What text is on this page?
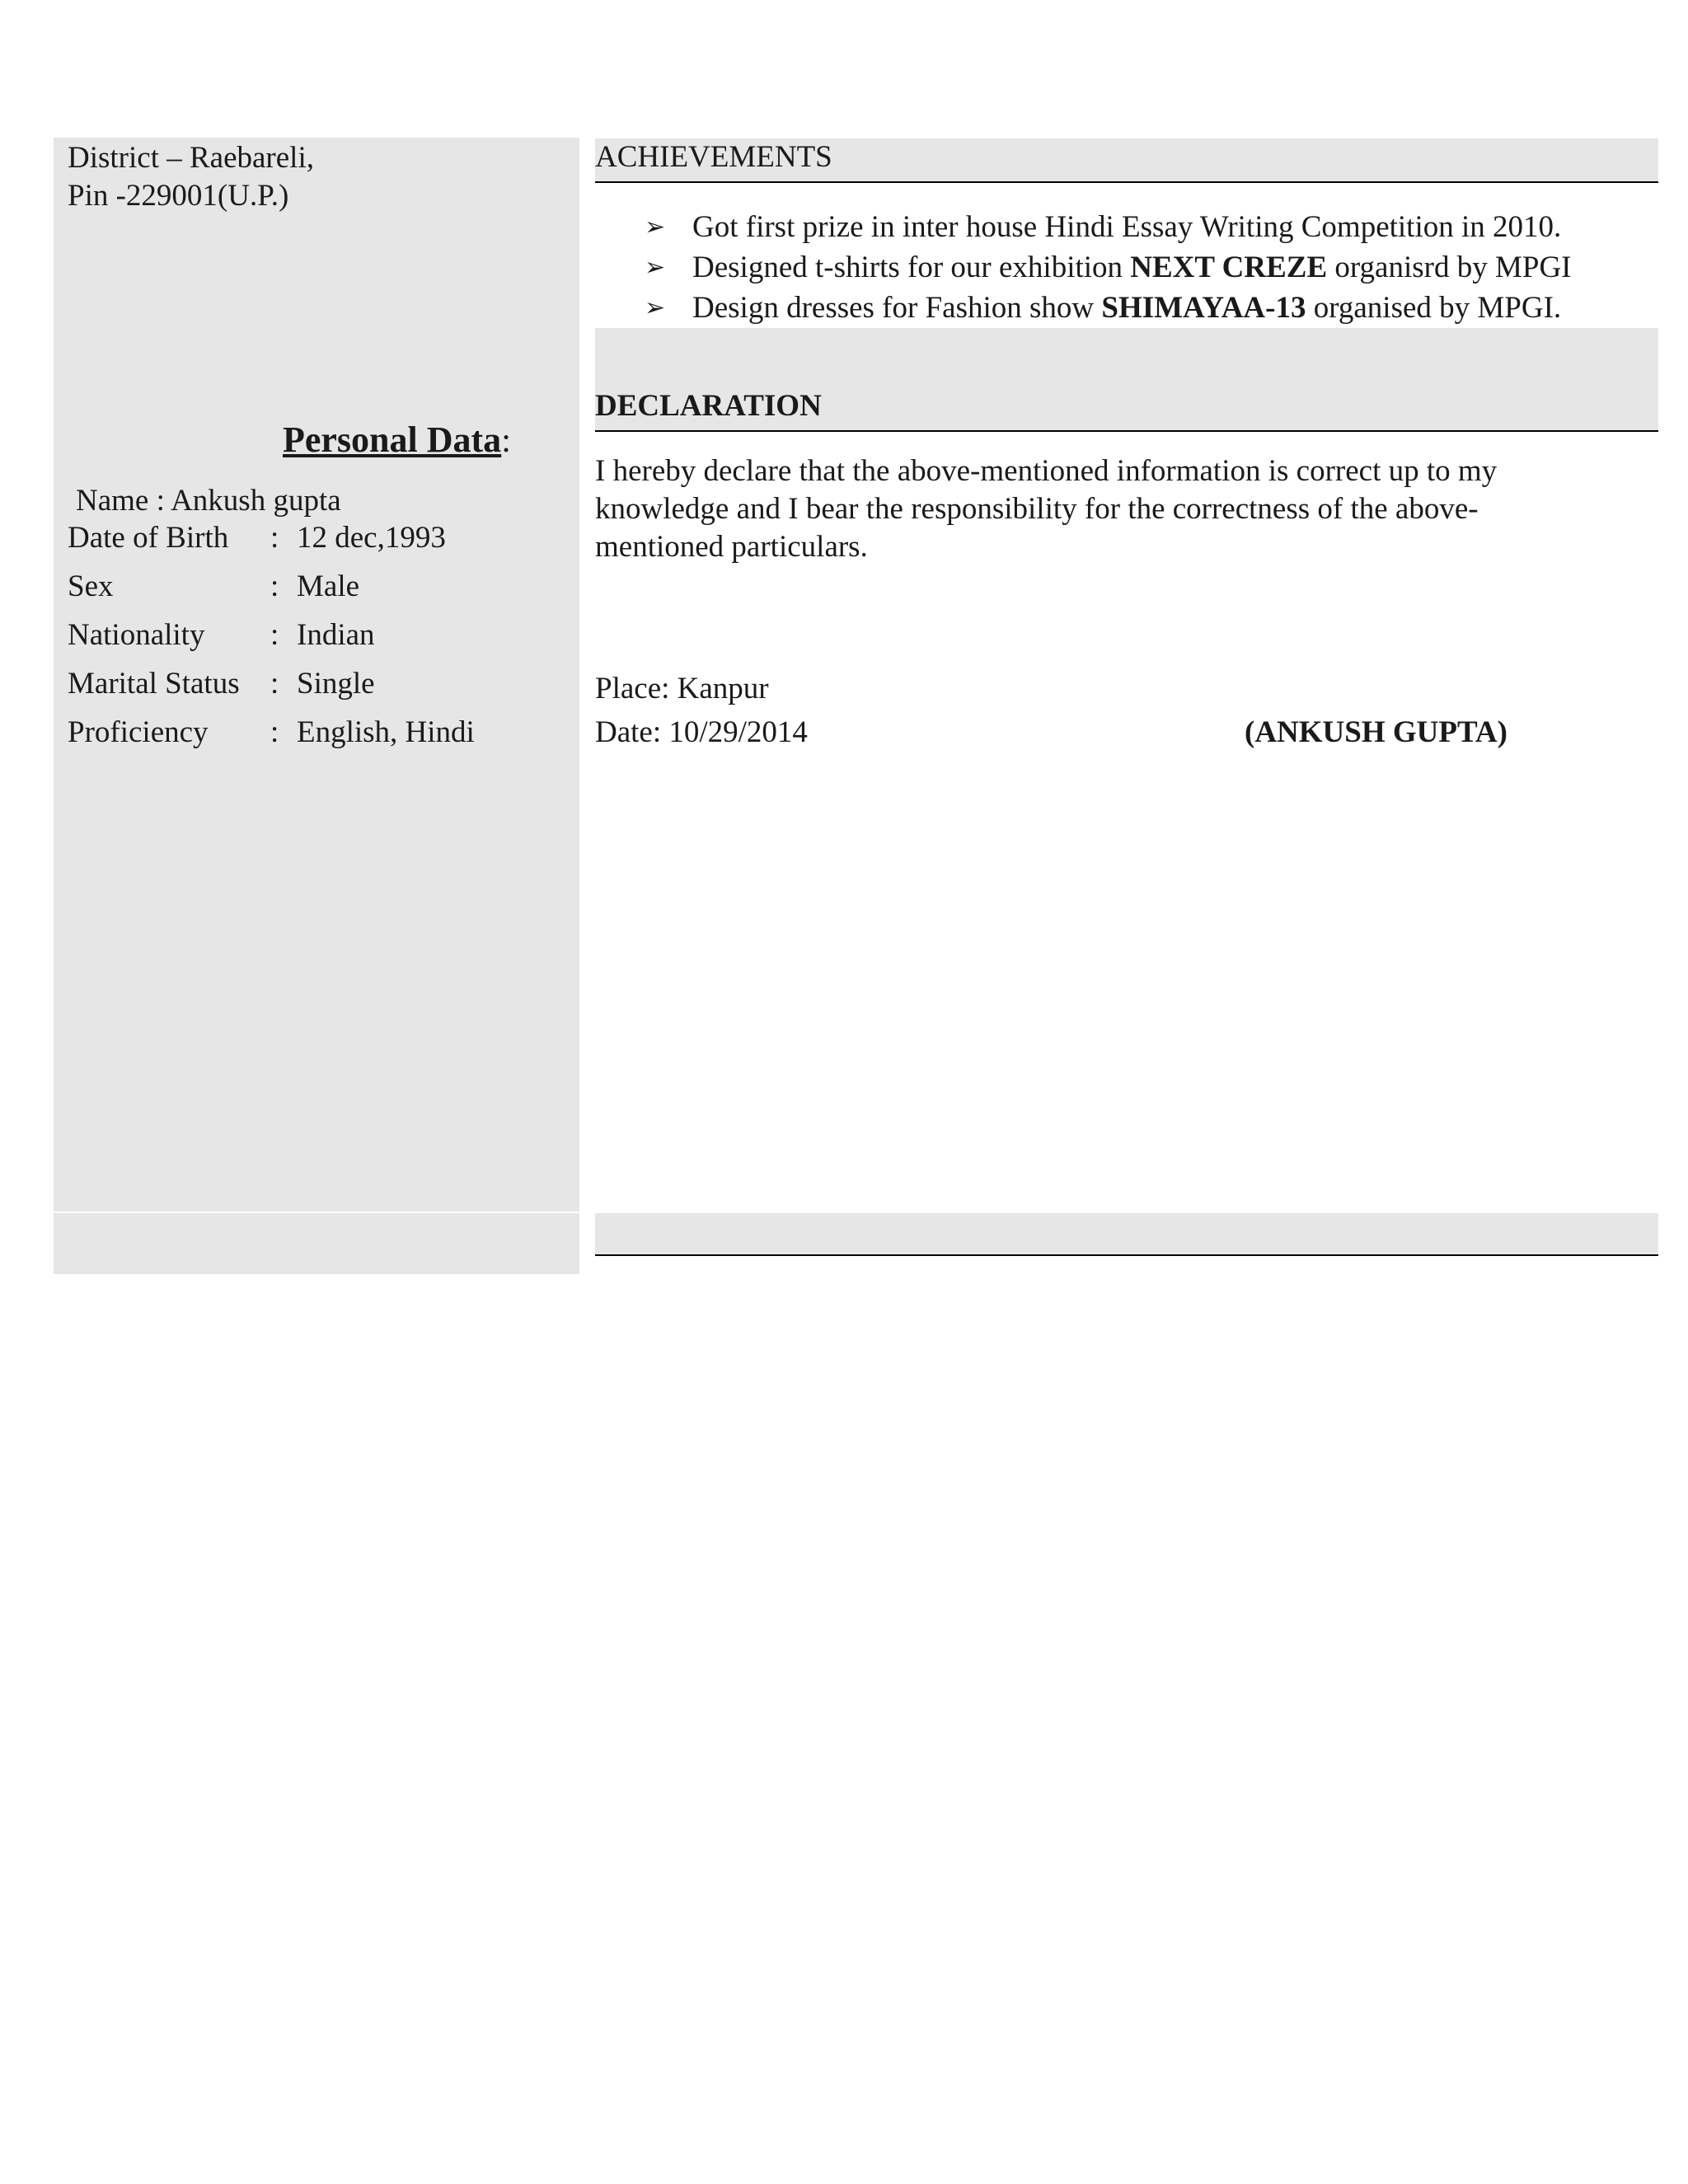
District – Raebareli,
Pin -229001(U.P.)
Personal Data:
Name : Ankush gupta
Date of Birth : 12 dec,1993
Sex	: Male
Nationality : Indian
Marital Status : Single
Proficiency : English, Hindi
ACHIEVEMENTS
➢ Got first prize in inter house Hindi Essay Writing Competition in 2010.
➢ Designed t-shirts for our exhibition NEXT CREZE organisrd by MPGI
➢ Design dresses for Fashion show SHIMAYAA-13 organised by MPGI.
DECLARATION
I hereby declare that the above-mentioned information is correct up to my
knowledge and I bear the responsibility for the correctness of the above-
mentioned particulars.
Place: Kanpur
Date: 10/29/2014	(ANKUSH GUPTA)
